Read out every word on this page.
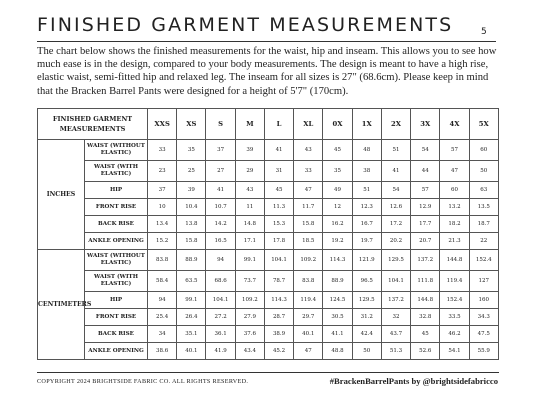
FINISHED GARMENT MEASUREMENTS	5
The chart below shows the finished measurements for the waist, hip and inseam. This allows you to see how much ease is in the design, compared to your body measurements. The design is meant to have a high rise, elastic waist, semi-fitted hip and relaxed leg. The inseam for all sizes is 27" (68.6cm). Please keep in mind that the Bracken Barrel Pants were designed for a height of 5'7" (170cm).
FINISHED GARMENT MEASUREMENTS		XXS	XS	S	M	L	XL	0X	1X	2X	3X	4X	5X
INCHES	WAIST (WITHOUT ELASTIC)	33	35	37	39	41	43	45	48	51	54	57	60
	WAIST (WITH ELASTIC)	23	25	27	29	31	33	35	38	41	44	47	50
	HIP	37	39	41	43	45	47	49	51	54	57	60	63
	FRONT RISE	10	10.4	10.7	11	11.3	11.7	12	12.3	12.6	12.9	13.2	13.5
	BACK RISE	13.4	13.8	14.2	14.8	15.3	15.8	16.2	16.7	17.2	17.7	18.2	18.7
	ANKLE OPENING	15.2	15.8	16.5	17.1	17.8	18.5	19.2	19.7	20.2	20.7	21.3	22
CENTIMETERS	WAIST (WITHOUT ELASTIC)	83.8	88.9	94	99.1	104.1	109.2	114.3	121.9	129.5	137.2	144.8	152.4
	WAIST (WITH ELASTIC)	58.4	63.5	68.6	73.7	78.7	83.8	88.9	96.5	104.1	111.8	119.4	127
	HIP	94	99.1	104.1	109.2	114.3	119.4	124.5	129.5	137.2	144.8	152.4	160
	FRONT RISE	25.4	26.4	27.2	27.9	28.7	29.7	30.5	31.2	32	32.8	33.5	34.3
	BACK RISE	34	35.1	36.1	37.6	38.9	40.1	41.1	42.4	43.7	45	46.2	47.5
	ANKLE OPENING	38.6	40.1	41.9	43.4	45.2	47	48.8	50	51.3	52.6	54.1	55.9
COPYRIGHT 2024 BRIGHTSIDE FABRIC CO. ALL RIGHTS RESERVED.	#BrackenBarrelPants by @brightsidefabricco
